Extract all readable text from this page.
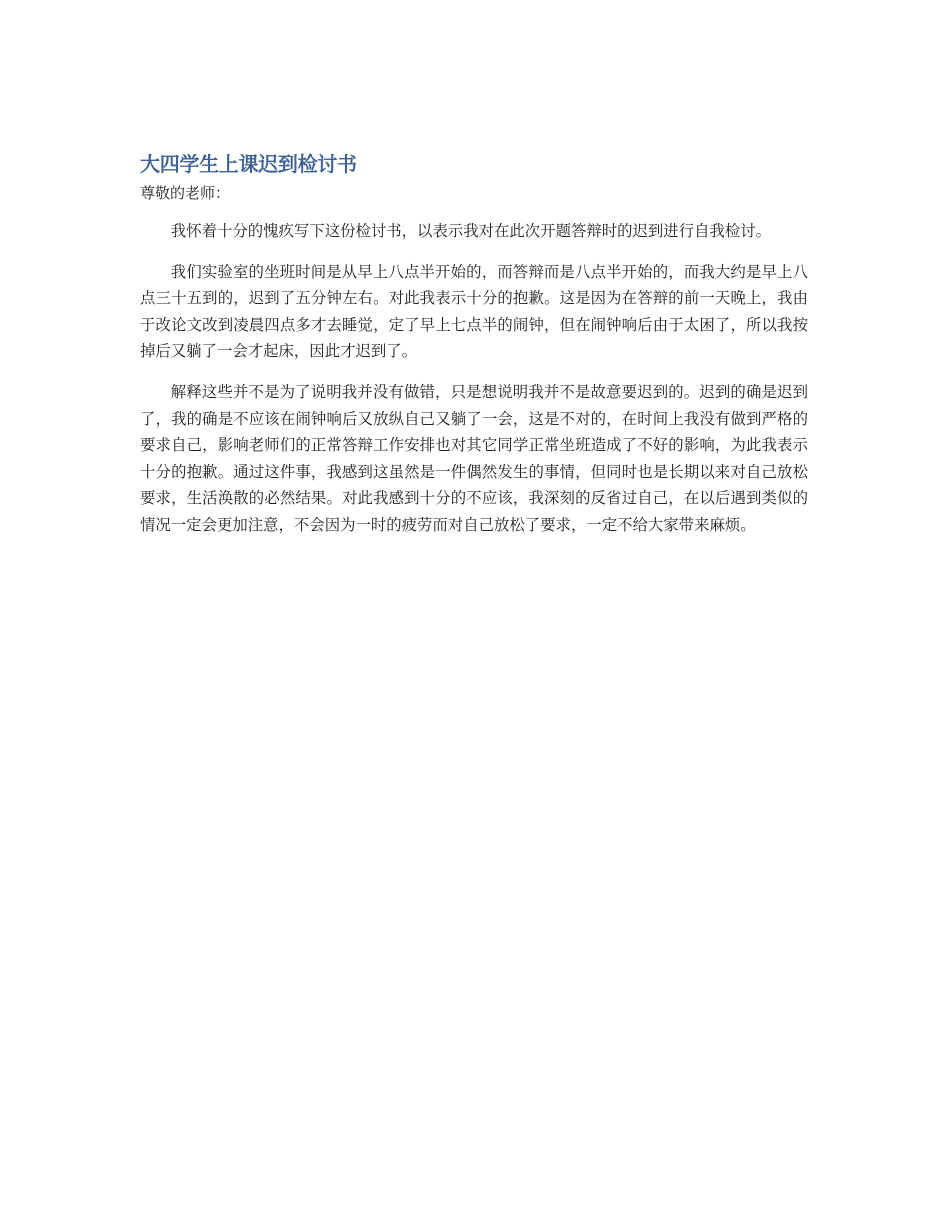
大四学生上课迟到检讨书

尊敬的老师：

我怀着十分的愧疚写下这份检讨书，以表示我对在此次开题答辩时的迟到进行自我检讨。

我们实验室的坐班时间是从早上八点半开始的，而答辩而是八点半开始的，而我大约是早上八点三十五到的，迟到了五分钟左右。对此我表示十分的抱歉。这是因为在答辩的前一天晚上，我由于改论文改到凌晨四点多才去睡觉，定了早上七点半的闹钟，但在闹钟响后由于太困了，所以我按掉后又躺了一会才起床，因此才迟到了。

解释这些并不是为了说明我并没有做错，只是想说明我并不是故意要迟到的。迟到的确是迟到了，我的确是不应该在闹钟响后又放纵自己又躺了一会，这是不对的，在时间上我没有做到严格的要求自己，影响老师们的正常答辩工作安排也对其它同学正常坐班造成了不好的影响，为此我表示十分的抱歉。通过这件事，我感到这虽然是一件偶然发生的事情，但同时也是长期以来对自己放松要求，生活涣散的必然结果。对此我感到十分的不应该，我深刻的反省过自己，在以后遇到类似的情况一定会更加注意，不会因为一时的疲劳而对自己放松了要求，一定不给大家带来麻烦。
